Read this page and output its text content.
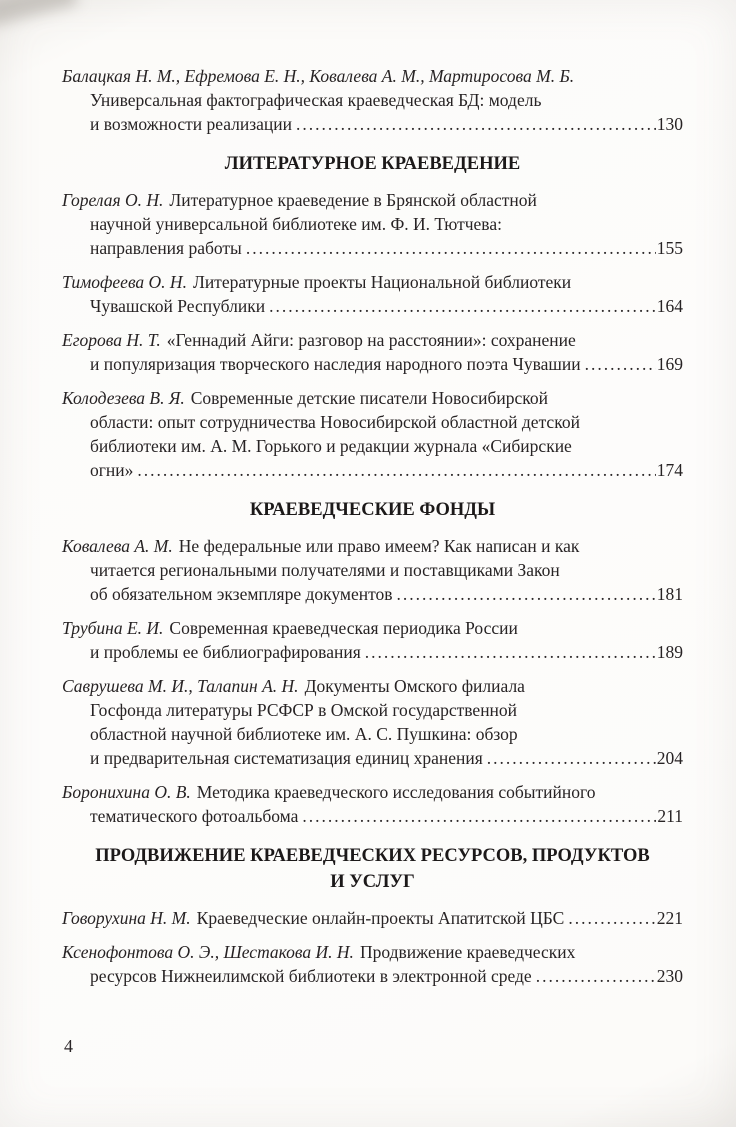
Балацкая Н. М., Ефремова Е. Н., Ковалева А. М., Мартиросова М. Б.
Универсальная фактографическая краеведческая БД: модель
и возможности реализации .....	130
ЛИТЕРАТУРНОЕ КРАЕВЕДЕНИЕ
Горелая О. Н. Литературное краеведение в Брянской областной
научной универсальной библиотеке им. Ф. И. Тютчева:
направления работы .....	155
Тимофеева О. Н. Литературные проекты Национальной библиотеки
Чувашской Республики .....	164
Егорова Н. Т. «Геннадий Айги: разговор на расстоянии»: сохранение
и популяризация творческого наследия народного поэта Чувашии .....	169
Колодезева В. Я. Современные детские писатели Новосибирской
области: опыт сотрудничества Новосибирской областной детской
библиотеки им. А. М. Горького и редакции журнала «Сибирские
огни» .....	174
КРАЕВЕДЧЕСКИЕ ФОНДЫ
Ковалева А. М. Не федеральные или право имеем? Как написан и как
читается региональными получателями и поставщиками Закон
об обязательном экземпляре документов .....	181
Трубина Е. И. Современная краеведческая периодика России
и проблемы ее библиографирования .....	189
Саврушева М. И., Талапин А. Н. Документы Омского филиала
Госфонда литературы РСФСР в Омской государственной
областной научной библиотеке им. А. С. Пушкина: обзор
и предварительная систематизация единиц хранения .....	204
Боронихина О. В. Методика краеведческого исследования событийного
тематического фотоальбома .....	211
ПРОДВИЖЕНИЕ КРАЕВЕДЧЕСКИХ РЕСУРСОВ, ПРОДУКТОВ
И УСЛУГ
Говорухина Н. М. Краеведческие онлайн-проекты Апатитской ЦБС .....	221
Ксенофонтова О. Э., Шестакова И. Н. Продвижение краеведческих
ресурсов Нижнеилимской библиотеки в электронной среде .....	230
4
